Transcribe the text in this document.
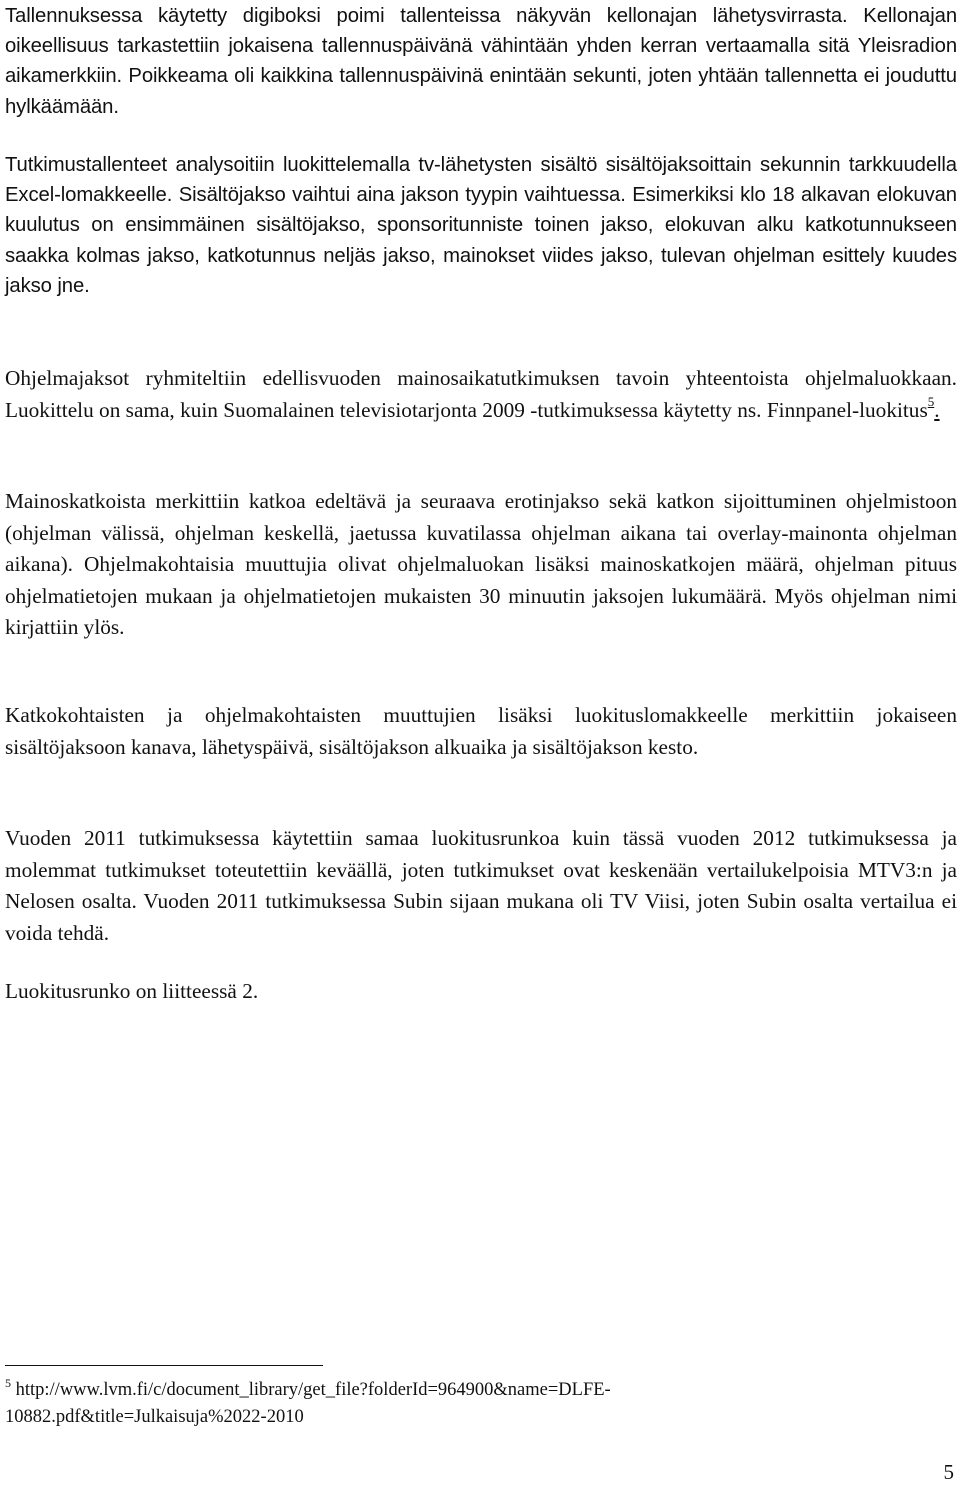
Tallennuksessa käytetty digiboksi poimi tallenteissa näkyvän kellonajan lähetysvirrasta. Kellonajan oikeellisuus tarkastettiin jokaisena tallennuspäivänä vähintään yhden kerran vertaamalla sitä Yleisradion aikamerkkiin. Poikkeama oli kaikkina tallennuspäivinä enintään sekunti, joten yhtään tallennetta ei jouduttu hylkäämään.

Tutkimustallenteet analysoitiin luokittelemalla tv-lähetysten sisältö sisältöjaksoittain sekunnin tarkkuudella Excel-lomakkeelle. Sisältöjakso vaihtui aina jakson tyypin vaihtuessa. Esimerkiksi klo 18 alkavan elokuvan kuulutus on ensimmäinen sisältöjakso, sponsoritunniste toinen jakso, elokuvan alku katkotunnukseen saakka kolmas jakso, katkotunnus neljäs jakso, mainokset viides jakso, tulevan ohjelman esittely kuudes jakso jne.

Ohjelmajaksot ryhmiteltiin edellisvuoden mainosaikatutkimuksen tavoin yhteentoista ohjelmaluokkaan. Luokittelu on sama, kuin Suomalainen televisiotarjonta 2009 -tutkimuksessa käytetty ns. Finnpanel-luokitus$^5$.

Mainoskatkoista merkittiin katkoa edeltävä ja seuraava erotinjakso sekä katkon sijoittuminen ohjelmistoon (ohjelman välissä, ohjelman keskellä, jaetussa kuvatilassa ohjelman aikana tai overlay-mainonta ohjelman aikana). Ohjelmakohtaisia muuttujia olivat ohjelmaluokan lisäksi mainoskatkojen määrä, ohjelman pituus ohjelmatietojen mukaan ja ohjelmatietojen mukaisten 30 minuutin jaksojen lukumäärä. Myös ohjelman nimi kirjattiin ylös.

Katkokohtaisten ja ohjelmakohtaisten muuttujien lisäksi luokituslomakkeelle merkittiin jokaiseen sisältöjaksoon kanava, lähetyspäivä, sisältöjakson alkuaika ja sisältöjakson kesto.

Vuoden 2011 tutkimuksessa käytettiin samaa luokitusrunkoa kuin tässä vuoden 2012 tutkimuksessa ja molemmat tutkimukset toteutettiin keväällä, joten tutkimukset ovat keskenään vertailukelpoisia MTV3:n ja Nelosen osalta. Vuoden 2011 tutkimuksessa Subin sijaan mukana oli TV Viisi, joten Subin osalta vertailua ei voida tehdä.

Luokitusrunko on liitteessä 2.

$^5$ http://www.lvm.fi/c/document_library/get_file?folderId=964900&name=DLFE-
10882.pdf&title=Julkaisuja%2022-2010
5
